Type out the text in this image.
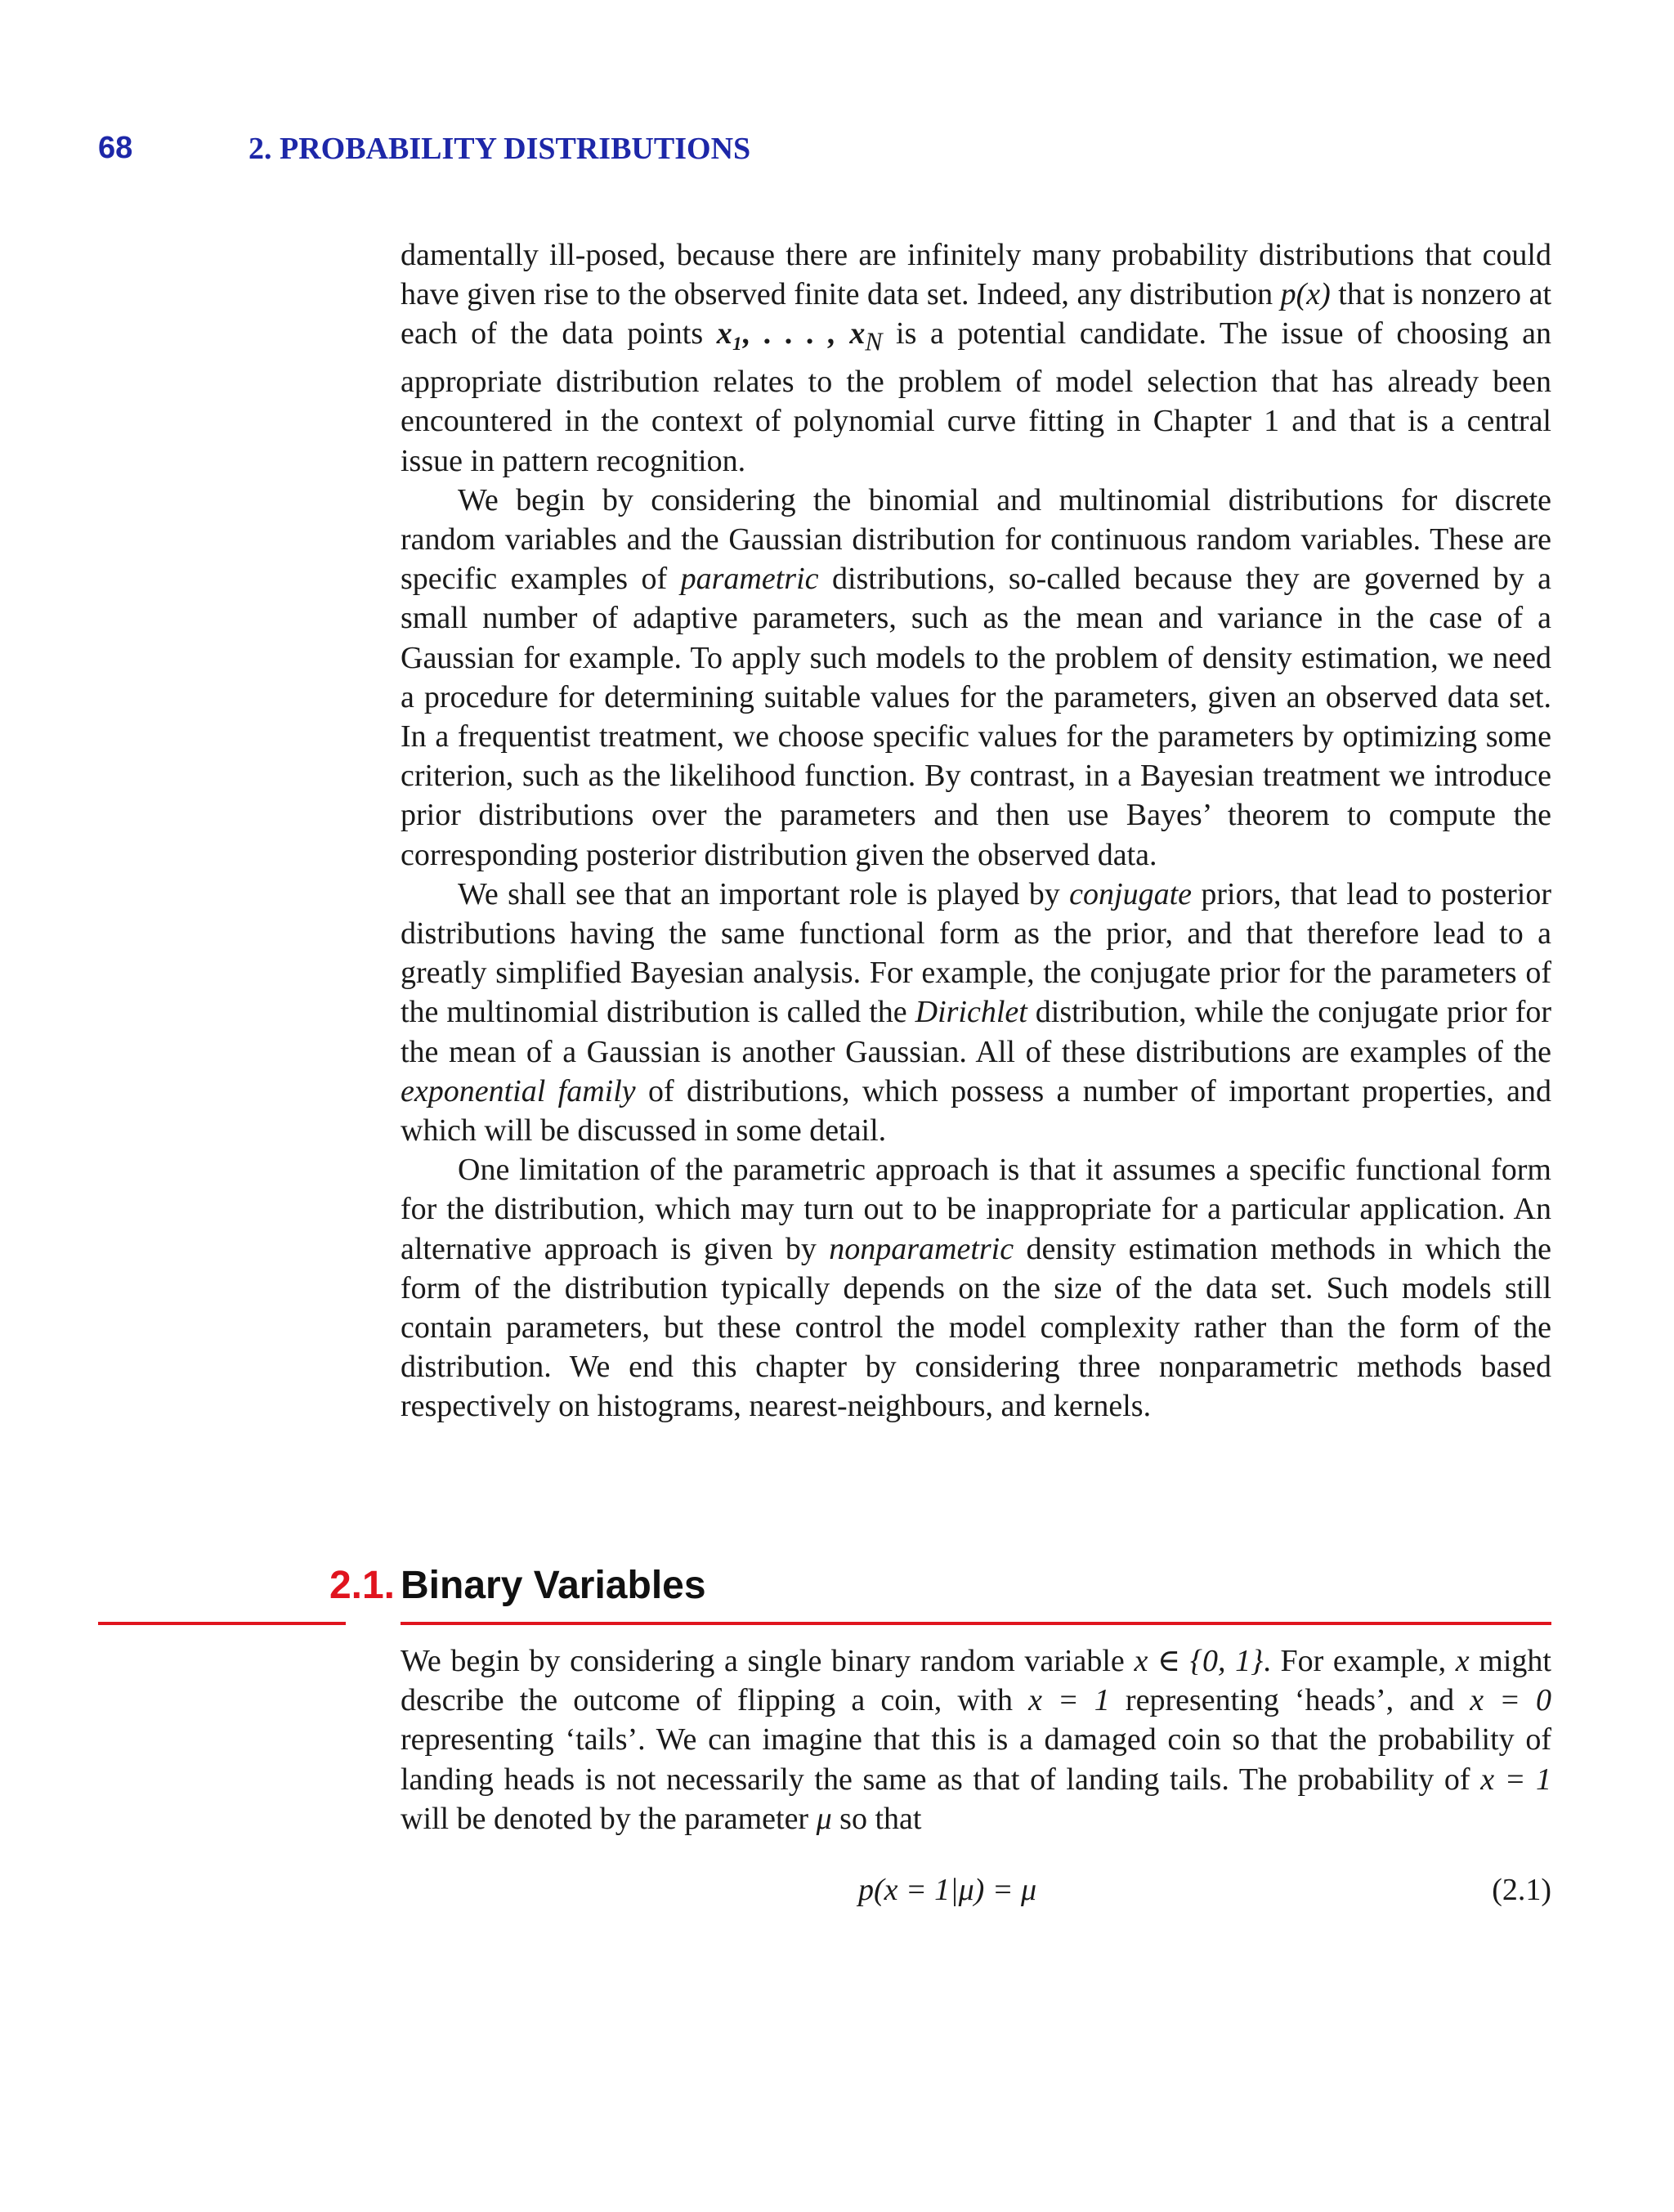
68	2. PROBABILITY DISTRIBUTIONS

damentally ill-posed, because there are infinitely many probability distributions that could have given rise to the observed finite data set. Indeed, any distribution p(x) that is nonzero at each of the data points x₁, . . . , $x_N$ is a potential candidate. The issue of choosing an appropriate distribution relates to the problem of model selection that has already been encountered in the context of polynomial curve fitting in Chapter 1 and that is a central issue in pattern recognition.

We begin by considering the binomial and multinomial distributions for discrete random variables and the Gaussian distribution for continuous random variables. These are specific examples of parametric distributions, so-called because they are governed by a small number of adaptive parameters, such as the mean and variance in the case of a Gaussian for example. To apply such models to the problem of density estimation, we need a procedure for determining suitable values for the parameters, given an observed data set. In a frequentist treatment, we choose specific values for the parameters by optimizing some criterion, such as the likelihood function. By contrast, in a Bayesian treatment we introduce prior distributions over the parameters and then use Bayes’ theorem to compute the corresponding posterior distribution given the observed data.

We shall see that an important role is played by conjugate priors, that lead to posterior distributions having the same functional form as the prior, and that therefore lead to a greatly simplified Bayesian analysis. For example, the conjugate prior for the parameters of the multinomial distribution is called the Dirichlet distribution, while the conjugate prior for the mean of a Gaussian is another Gaussian. All of these distributions are examples of the exponential family of distributions, which possess a number of important properties, and which will be discussed in some detail.

One limitation of the parametric approach is that it assumes a specific functional form for the distribution, which may turn out to be inappropriate for a particular application. An alternative approach is given by nonparametric density estimation methods in which the form of the distribution typically depends on the size of the data set. Such models still contain parameters, but these control the model complexity rather than the form of the distribution. We end this chapter by considering three nonparametric methods based respectively on histograms, nearest-neighbours, and kernels.

2.1. Binary Variables

We begin by considering a single binary random variable x ∈ {0, 1}. For example, x might describe the outcome of flipping a coin, with x = 1 representing ‘heads’, and x = 0 representing ‘tails’. We can imagine that this is a damaged coin so that the probability of landing heads is not necessarily the same as that of landing tails. The probability of x = 1 will be denoted by the parameter μ so that

p(x = 1|μ) = μ	(2.1)
